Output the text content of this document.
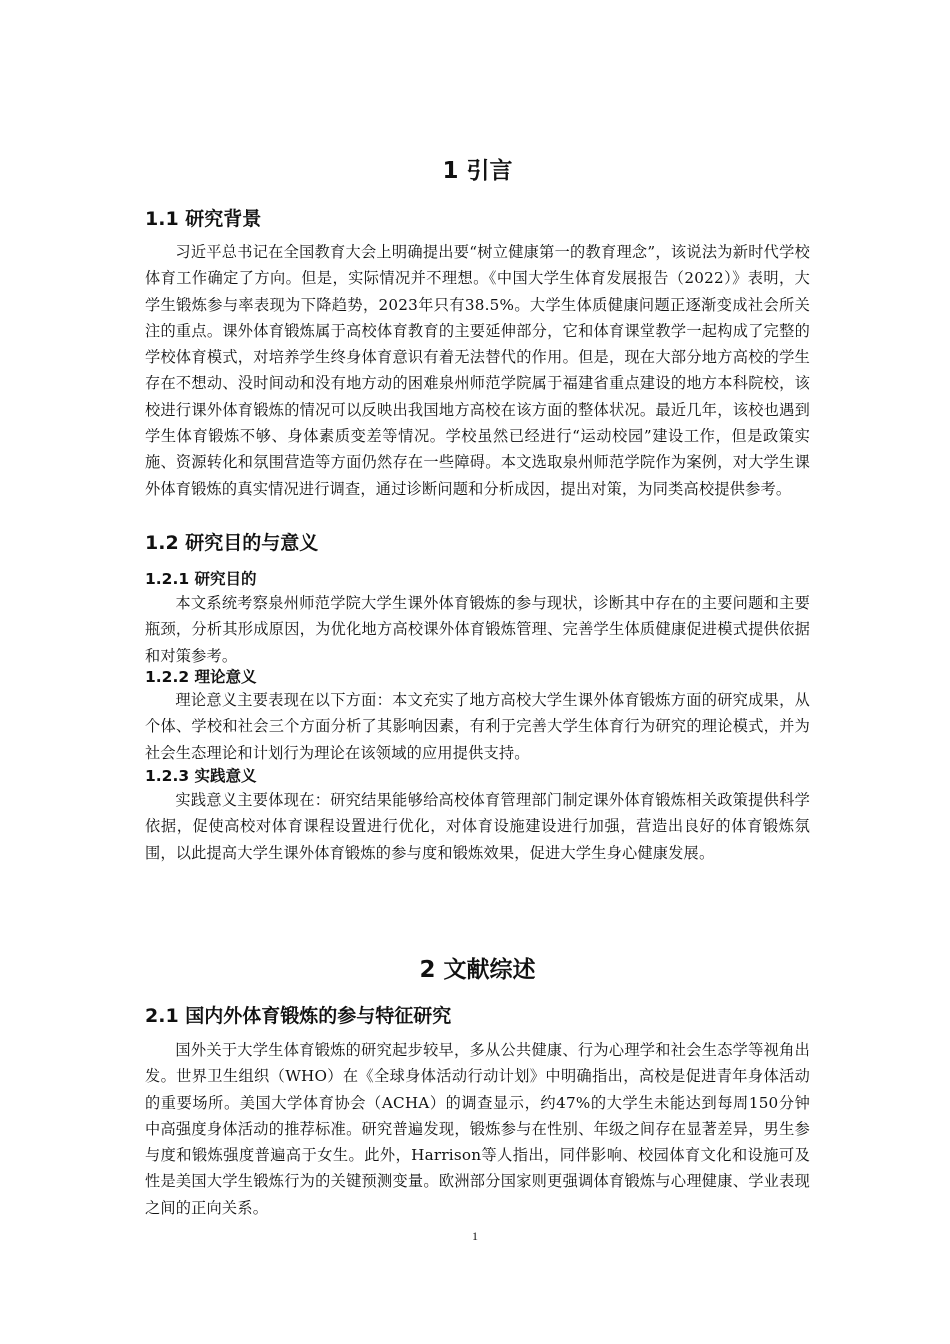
1 引言
1.1 研究背景

习近平总书记在全国教育大会上明确提出要“树立健康第一的教育理念”，该说法为新时代学校体育工作确定了方向。但是，实际情况并不理想。《中国大学生体育发展报告（2022）》表明，大学生锻炼参与率表现为下降趋势，2023年只有38.5%。大学生体质健康问题正逐渐变成社会所关注的重点。课外体育锻炼属于高校体育教育的主要延伸部分，它和体育课堂教学一起构成了完整的学校体育模式，对培养学生终身体育意识有着无法替代的作用。但是，现在大部分地方高校的学生存在不想动、没时间动和没有地方动的困难泉州师范学院属于福建省重点建设的地方本科院校，该校进行课外体育锻炼的情况可以反映出我国地方高校在该方面的整体状况。最近几年，该校也遇到学生体育锻炼不够、身体素质变差等情况。学校虽然已经进行“运动校园”建设工作，但是政策实施、资源转化和氛围营造等方面仍然存在一些障碍。本文选取泉州师范学院作为案例，对大学生课外体育锻炼的真实情况进行调查，通过诊断问题和分析成因，提出对策，为同类高校提供参考。

1.2 研究目的与意义
1.2.1 研究目的

本文系统考察泉州师范学院大学生课外体育锻炼的参与现状，诊断其中存在的主要问题和主要瓶颈，分析其形成原因，为优化地方高校课外体育锻炼管理、完善学生体质健康促进模式提供依据和对策参考。

1.2.2 理论意义

理论意义主要表现在以下方面：本文充实了地方高校大学生课外体育锻炼方面的研究成果，从个体、学校和社会三个方面分析了其影响因素，有利于完善大学生体育行为研究的理论模式，并为社会生态理论和计划行为理论在该领域的应用提供支持。

1.2.3 实践意义

实践意义主要体现在：研究结果能够给高校体育管理部门制定课外体育锻炼相关政策提供科学依据，促使高校对体育课程设置进行优化，对体育设施建设进行加强，营造出良好的体育锻炼氛围，以此提高大学生课外体育锻炼的参与度和锻炼效果，促进大学生身心健康发展。

2 文献综述
2.1 国内外体育锻炼的参与特征研究

国外关于大学生体育锻炼的研究起步较早，多从公共健康、行为心理学和社会生态学等视角出发。世界卫生组织（WHO）在《全球身体活动行动计划》中明确指出，高校是促进青年身体活动的重要场所。美国大学体育协会（ACHA）的调查显示，约47%的大学生未能达到每周150分钟中高强度身体活动的推荐标准。研究普遍发现，锻炼参与在性别、年级之间存在显著差异，男生参与度和锻炼强度普遍高于女生。此外，Harrison等人指出，同伴影响、校园体育文化和设施可及性是美国大学生锻炼行为的关键预测变量。欧洲部分国家则更强调体育锻炼与心理健康、学业表现之间的正向关系。

1
